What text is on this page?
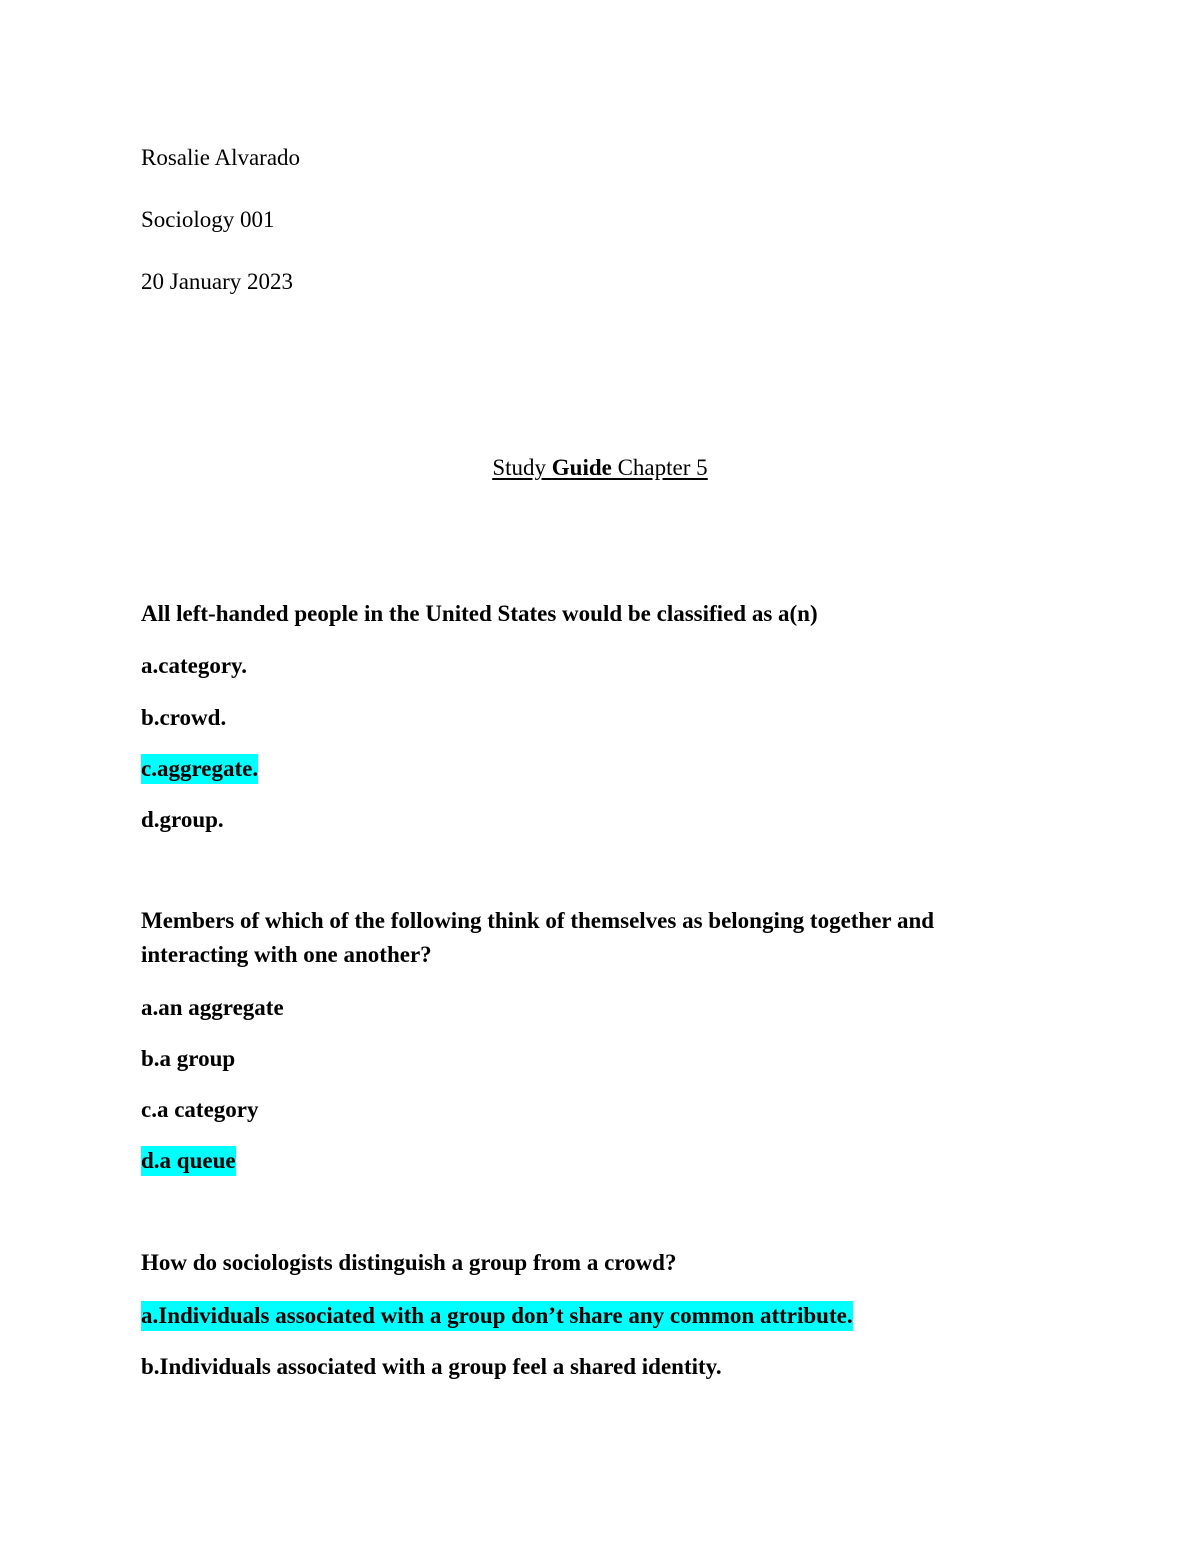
Rosalie Alvarado
Sociology 001
20 January 2023
Study Guide Chapter 5
All left-handed people in the United States would be classified as a(n)
a.category.
b.crowd.
c.aggregate.
d.group.
Members of which of the following think of themselves as belonging together and
interacting with one another?
a.an aggregate
b.a group
c.a category
d.a queue
How do sociologists distinguish a group from a crowd?
a.Individuals associated with a group don’t share any common attribute.
b.Individuals associated with a group feel a shared identity.
